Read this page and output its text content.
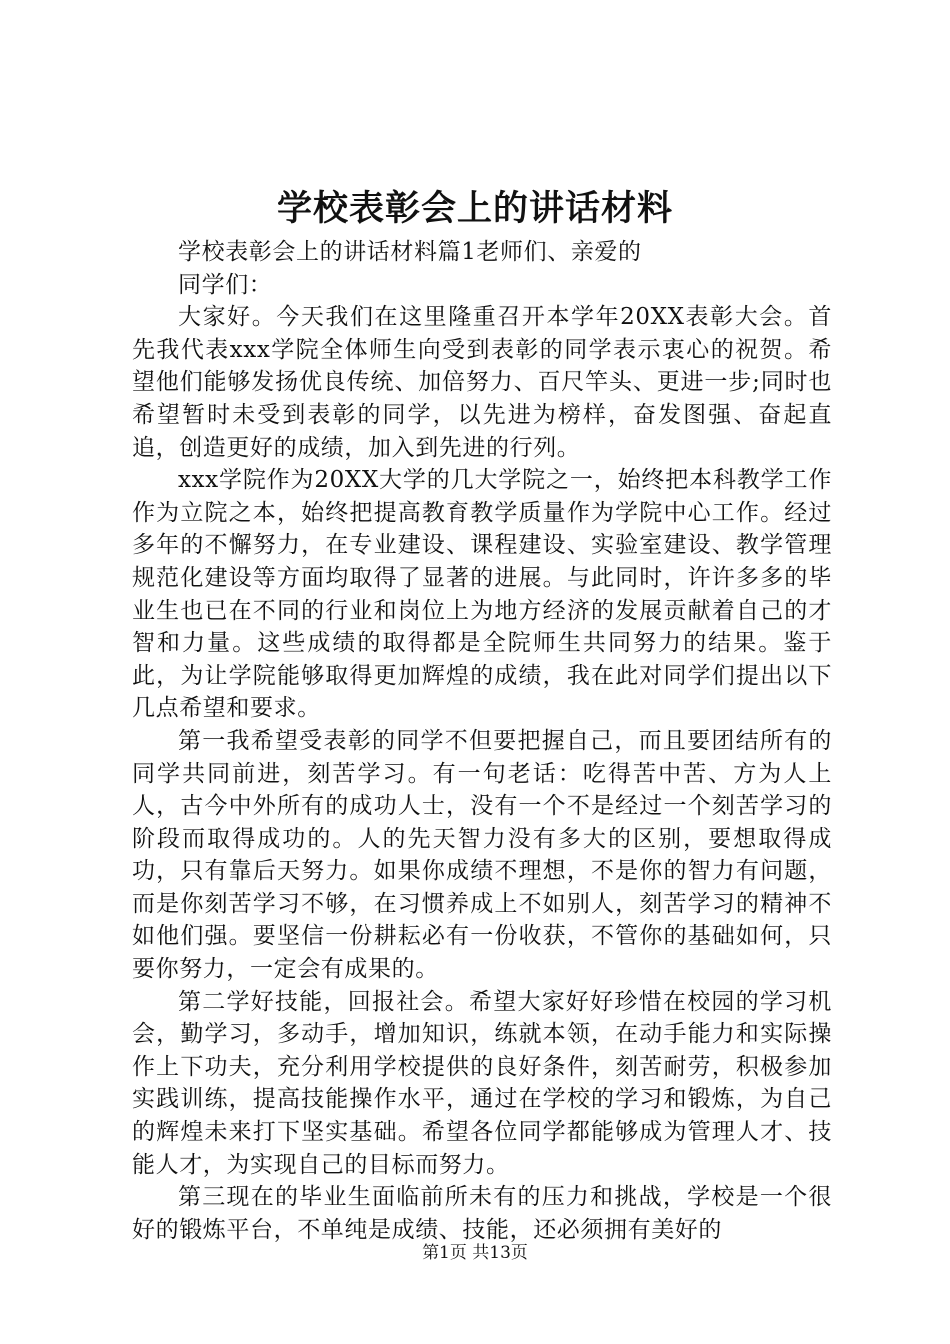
学校表彰会上的讲话材料

学校表彰会上的讲话材料篇1老师们、亲爱的

同学们：

大家好。今天我们在这里隆重召开本学年20XX表彰大会。首先我代表xxx学院全体师生向受到表彰的同学表示衷心的祝贺。希望他们能够发扬优良传统、加倍努力、百尺竿头、更进一步;同时也希望暂时未受到表彰的同学，以先进为榜样，奋发图强、奋起直追，创造更好的成绩，加入到先进的行列。

xxx学院作为20XX大学的几大学院之一，始终把本科教学工作作为立院之本，始终把提高教育教学质量作为学院中心工作。经过多年的不懈努力，在专业建设、课程建设、实验室建设、教学管理规范化建设等方面均取得了显著的进展。与此同时，许许多多的毕业生也已在不同的行业和岗位上为地方经济的发展贡献着自己的才智和力量。这些成绩的取得都是全院师生共同努力的结果。鉴于此，为让学院能够取得更加辉煌的成绩，我在此对同学们提出以下几点希望和要求。

第一我希望受表彰的同学不但要把握自己，而且要团结所有的同学共同前进，刻苦学习。有一句老话：吃得苦中苦、方为人上人，古今中外所有的成功人士，没有一个不是经过一个刻苦学习的阶段而取得成功的。人的先天智力没有多大的区别，要想取得成功，只有靠后天努力。如果你成绩不理想，不是你的智力有问题，而是你刻苦学习不够，在习惯养成上不如别人，刻苦学习的精神不如他们强。要坚信一份耕耘必有一份收获，不管你的基础如何，只要你努力，一定会有成果的。

第二学好技能，回报社会。希望大家好好珍惜在校园的学习机会，勤学习，多动手，增加知识，练就本领，在动手能力和实际操作上下功夫，充分利用学校提供的良好条件，刻苦耐劳，积极参加实践训练，提高技能操作水平，通过在学校的学习和锻炼，为自己的辉煌未来打下坚实基础。希望各位同学都能够成为管理人才、技能人才，为实现自己的目标而努力。

第三现在的毕业生面临前所未有的压力和挑战，学校是一个很好的锻炼平台，不单纯是成绩、技能，还必须拥有美好的

第1页 共13页
